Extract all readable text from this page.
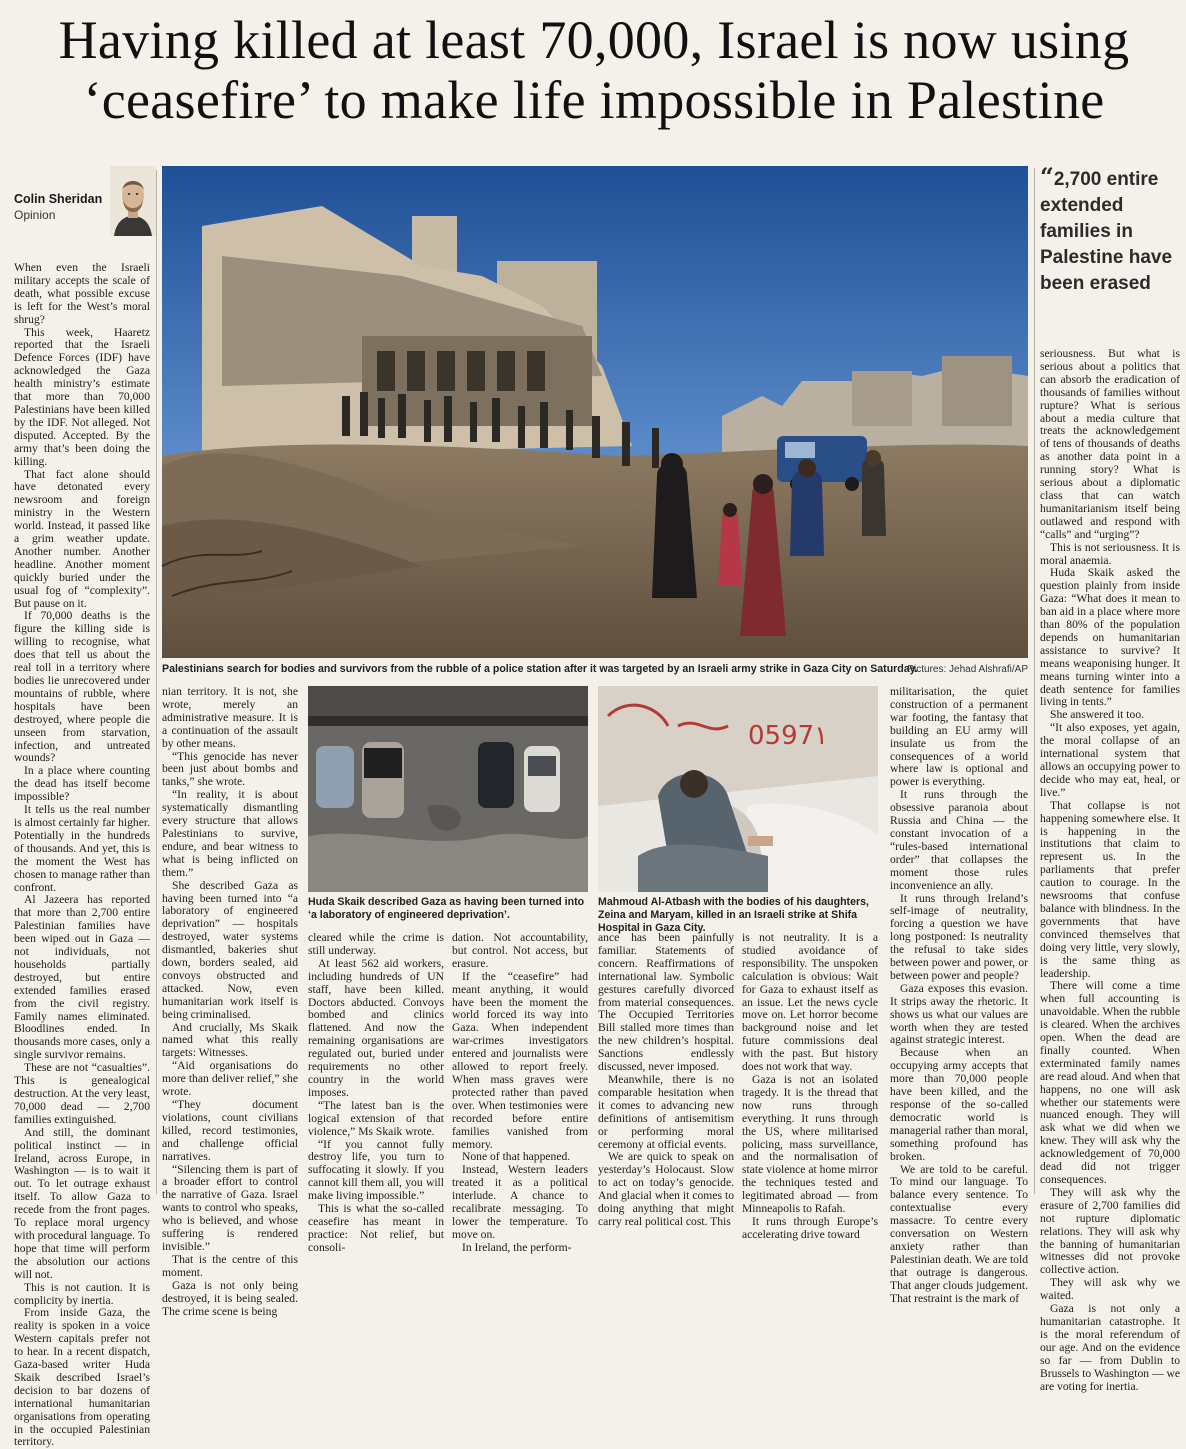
Having killed at least 70,000, Israel is now using ‘ceasefire’ to make life impossible in Palestine
Colin Sheridan
Opinion

When even the Israeli military accepts the scale of death, what possible excuse is left for the West’s moral shrug?

This week, Haaretz reported that the Israeli Defence Forces (IDF) have acknowledged the Gaza health ministry’s estimate that more than 70,000 Palestinians have been killed by the IDF. Not alleged. Not disputed. Accepted. By the army that’s been doing the killing.

That fact alone should have detonated every newsroom and foreign ministry in the Western world. Instead, it passed like a grim weather update. Another number. Another headline. Another moment quickly buried under the usual fog of “complexity”. But pause on it.

If 70,000 deaths is the figure the killing side is willing to recognise, what does that tell us about the real toll in a territory where bodies lie unrecovered under mountains of rubble, where hospitals have been destroyed, where people die unseen from starvation, infection, and untreated wounds?

In a place where counting the dead has itself become impossible?

It tells us the real number is almost certainly far higher. Potentially in the hundreds of thousands. And yet, this is the moment the West has chosen to manage rather than confront.

Al Jazeera has reported that more than 2,700 entire Palestinian families have been wiped out in Gaza — not individuals, not households partially destroyed, but entire extended families erased from the civil registry. Family names eliminated. Bloodlines ended. In thousands more cases, only a single survivor remains.

These are not “casualties”. This is genealogical destruction. At the very least, 70,000 dead — 2,700 families extinguished.

And still, the dominant political instinct — in Ireland, across Europe, in Washington — is to wait it out. To let outrage exhaust itself. To allow Gaza to recede from the front pages. To replace moral urgency with procedural language. To hope that time will perform the absolution our actions will not.

This is not caution. It is complicity by inertia.

From inside Gaza, the reality is spoken in a voice Western capitals prefer not to hear. In a recent dispatch, Gaza-based writer Huda Skaik described Israel’s decision to bar dozens of international humanitarian organisations from operating in the occupied Palestinian territory.

Palestinians search for bodies and survivors from the rubble of a police station after it was targeted by an Israeli army strike in Gaza City on Saturday.
Pictures: Jehad Alshrafi/AP
“2,700 entire extended families in Palestine have been erased

nian territory. It is not, she wrote, merely an administrative measure. It is a continuation of the assault by other means.

“This genocide has never been just about bombs and tanks,” she wrote.

“In reality, it is about systematically dismantling every structure that allows Palestinians to survive, endure, and bear witness to what is being inflicted on them.”

She described Gaza as having been turned into “a laboratory of engineered deprivation” — hospitals destroyed, water systems dismantled, bakeries shut down, borders sealed, aid convoys obstructed and attacked. Now, even humanitarian work itself is being criminalised.

And crucially, Ms Skaik named what this really targets: Witnesses.

“Aid organisations do more than deliver relief,” she wrote.

“They document violations, count civilians killed, record testimonies, and challenge official narratives.

“Silencing them is part of a broader effort to control the narrative of Gaza. Israel wants to control who speaks, who is believed, and whose suffering is rendered invisible.”

That is the centre of this moment.

Gaza is not only being destroyed, it is being sealed. The crime scene is being

Huda Skaik described Gaza as having been turned into ‘a laboratory of engineered deprivation’.
0597١
Mahmoud Al-Atbash with the bodies of his daughters, Zeina and Maryam, killed in an Israeli strike at Shifa Hospital in Gaza City.

cleared while the crime is still underway.

At least 562 aid workers, including hundreds of UN staff, have been killed. Doctors abducted. Convoys bombed and clinics flattened. And now the remaining organisations are regulated out, buried under requirements no other country in the world imposes.

“The latest ban is the logical extension of that violence,” Ms Skaik wrote.

“If you cannot fully destroy life, you turn to suffocating it slowly. If you cannot kill them all, you will make living impossible.”

This is what the so-called ceasefire has meant in practice: Not relief, but consoli-

dation. Not accountability, but control. Not access, but erasure.

If the “ceasefire” had meant anything, it would have been the moment the world forced its way into Gaza. When independent war-crimes investigators entered and journalists were allowed to report freely. When mass graves were protected rather than paved over. When testimonies were recorded before entire families vanished from memory.

None of that happened.

Instead, Western leaders treated it as a political interlude. A chance to recalibrate messaging. To lower the temperature. To move on.

In Ireland, the perform-

ance has been painfully familiar. Statements of concern. Reaffirmations of international law. Symbolic gestures carefully divorced from material consequences. The Occupied Territories Bill stalled more times than the new children’s hospital. Sanctions endlessly discussed, never imposed.

Meanwhile, there is no comparable hesitation when it comes to advancing new definitions of antisemitism or performing moral ceremony at official events.

We are quick to speak on yesterday’s Holocaust. Slow to act on today’s genocide. And glacial when it comes to doing anything that might carry real political cost. This

is not neutrality. It is a studied avoidance of responsibility. The unspoken calculation is obvious: Wait for Gaza to exhaust itself as an issue. Let the news cycle move on. Let horror become background noise and let future commissions deal with the past. But history does not work that way.

Gaza is not an isolated tragedy. It is the thread that now runs through everything. It runs through the US, where militarised policing, mass surveillance, and the normalisation of state violence at home mirror the techniques tested and legitimated abroad — from Minneapolis to Rafah.

It runs through Europe’s accelerating drive toward

militarisation, the quiet construction of a permanent war footing, the fantasy that building an EU army will insulate us from the consequences of a world where law is optional and power is everything.

It runs through the obsessive paranoia about Russia and China — the constant invocation of a “rules-based international order” that collapses the moment those rules inconvenience an ally.

It runs through Ireland’s self-image of neutrality, forcing a question we have long postponed: Is neutrality the refusal to take sides between power and power, or between power and people?

Gaza exposes this evasion. It strips away the rhetoric. It shows us what our values are worth when they are tested against strategic interest.

Because when an occupying army accepts that more than 70,000 people have been killed, and the response of the so-called democratic world is managerial rather than moral, something profound has broken.

We are told to be careful. To mind our language. To balance every sentence. To contextualise every massacre. To centre every conversation on Western anxiety rather than Palestinian death. We are told that outrage is dangerous. That anger clouds judgement. That restraint is the mark of

seriousness. But what is serious about a politics that can absorb the eradication of thousands of families without rupture? What is serious about a media culture that treats the acknowledgement of tens of thousands of deaths as another data point in a running story? What is serious about a diplomatic class that can watch humanitarianism itself being outlawed and respond with “calls” and “urging”?

This is not seriousness. It is moral anaemia.

Huda Skaik asked the question plainly from inside Gaza: “What does it mean to ban aid in a place where more than 80% of the population depends on humanitarian assistance to survive? It means weaponising hunger. It means turning winter into a death sentence for families living in tents.”

She answered it too.

“It also exposes, yet again, the moral collapse of an international system that allows an occupying power to decide who may eat, heal, or live.”

That collapse is not happening somewhere else. It is happening in the institutions that claim to represent us. In the parliaments that prefer caution to courage. In the newsrooms that confuse balance with blindness. In the governments that have convinced themselves that doing very little, very slowly, is the same thing as leadership.

There will come a time when full accounting is unavoidable. When the rubble is cleared. When the archives open. When the dead are finally counted. When exterminated family names are read aloud. And when that happens, no one will ask whether our statements were nuanced enough. They will ask what we did when we knew. They will ask why the acknowledgement of 70,000 dead did not trigger consequences.

They will ask why the erasure of 2,700 families did not rupture diplomatic relations. They will ask why the banning of humanitarian witnesses did not provoke collective action.

They will ask why we waited.

Gaza is not only a humanitarian catastrophe. It is the moral referendum of our age. And on the evidence so far — from Dublin to Brussels to Washington — we are voting for inertia.
